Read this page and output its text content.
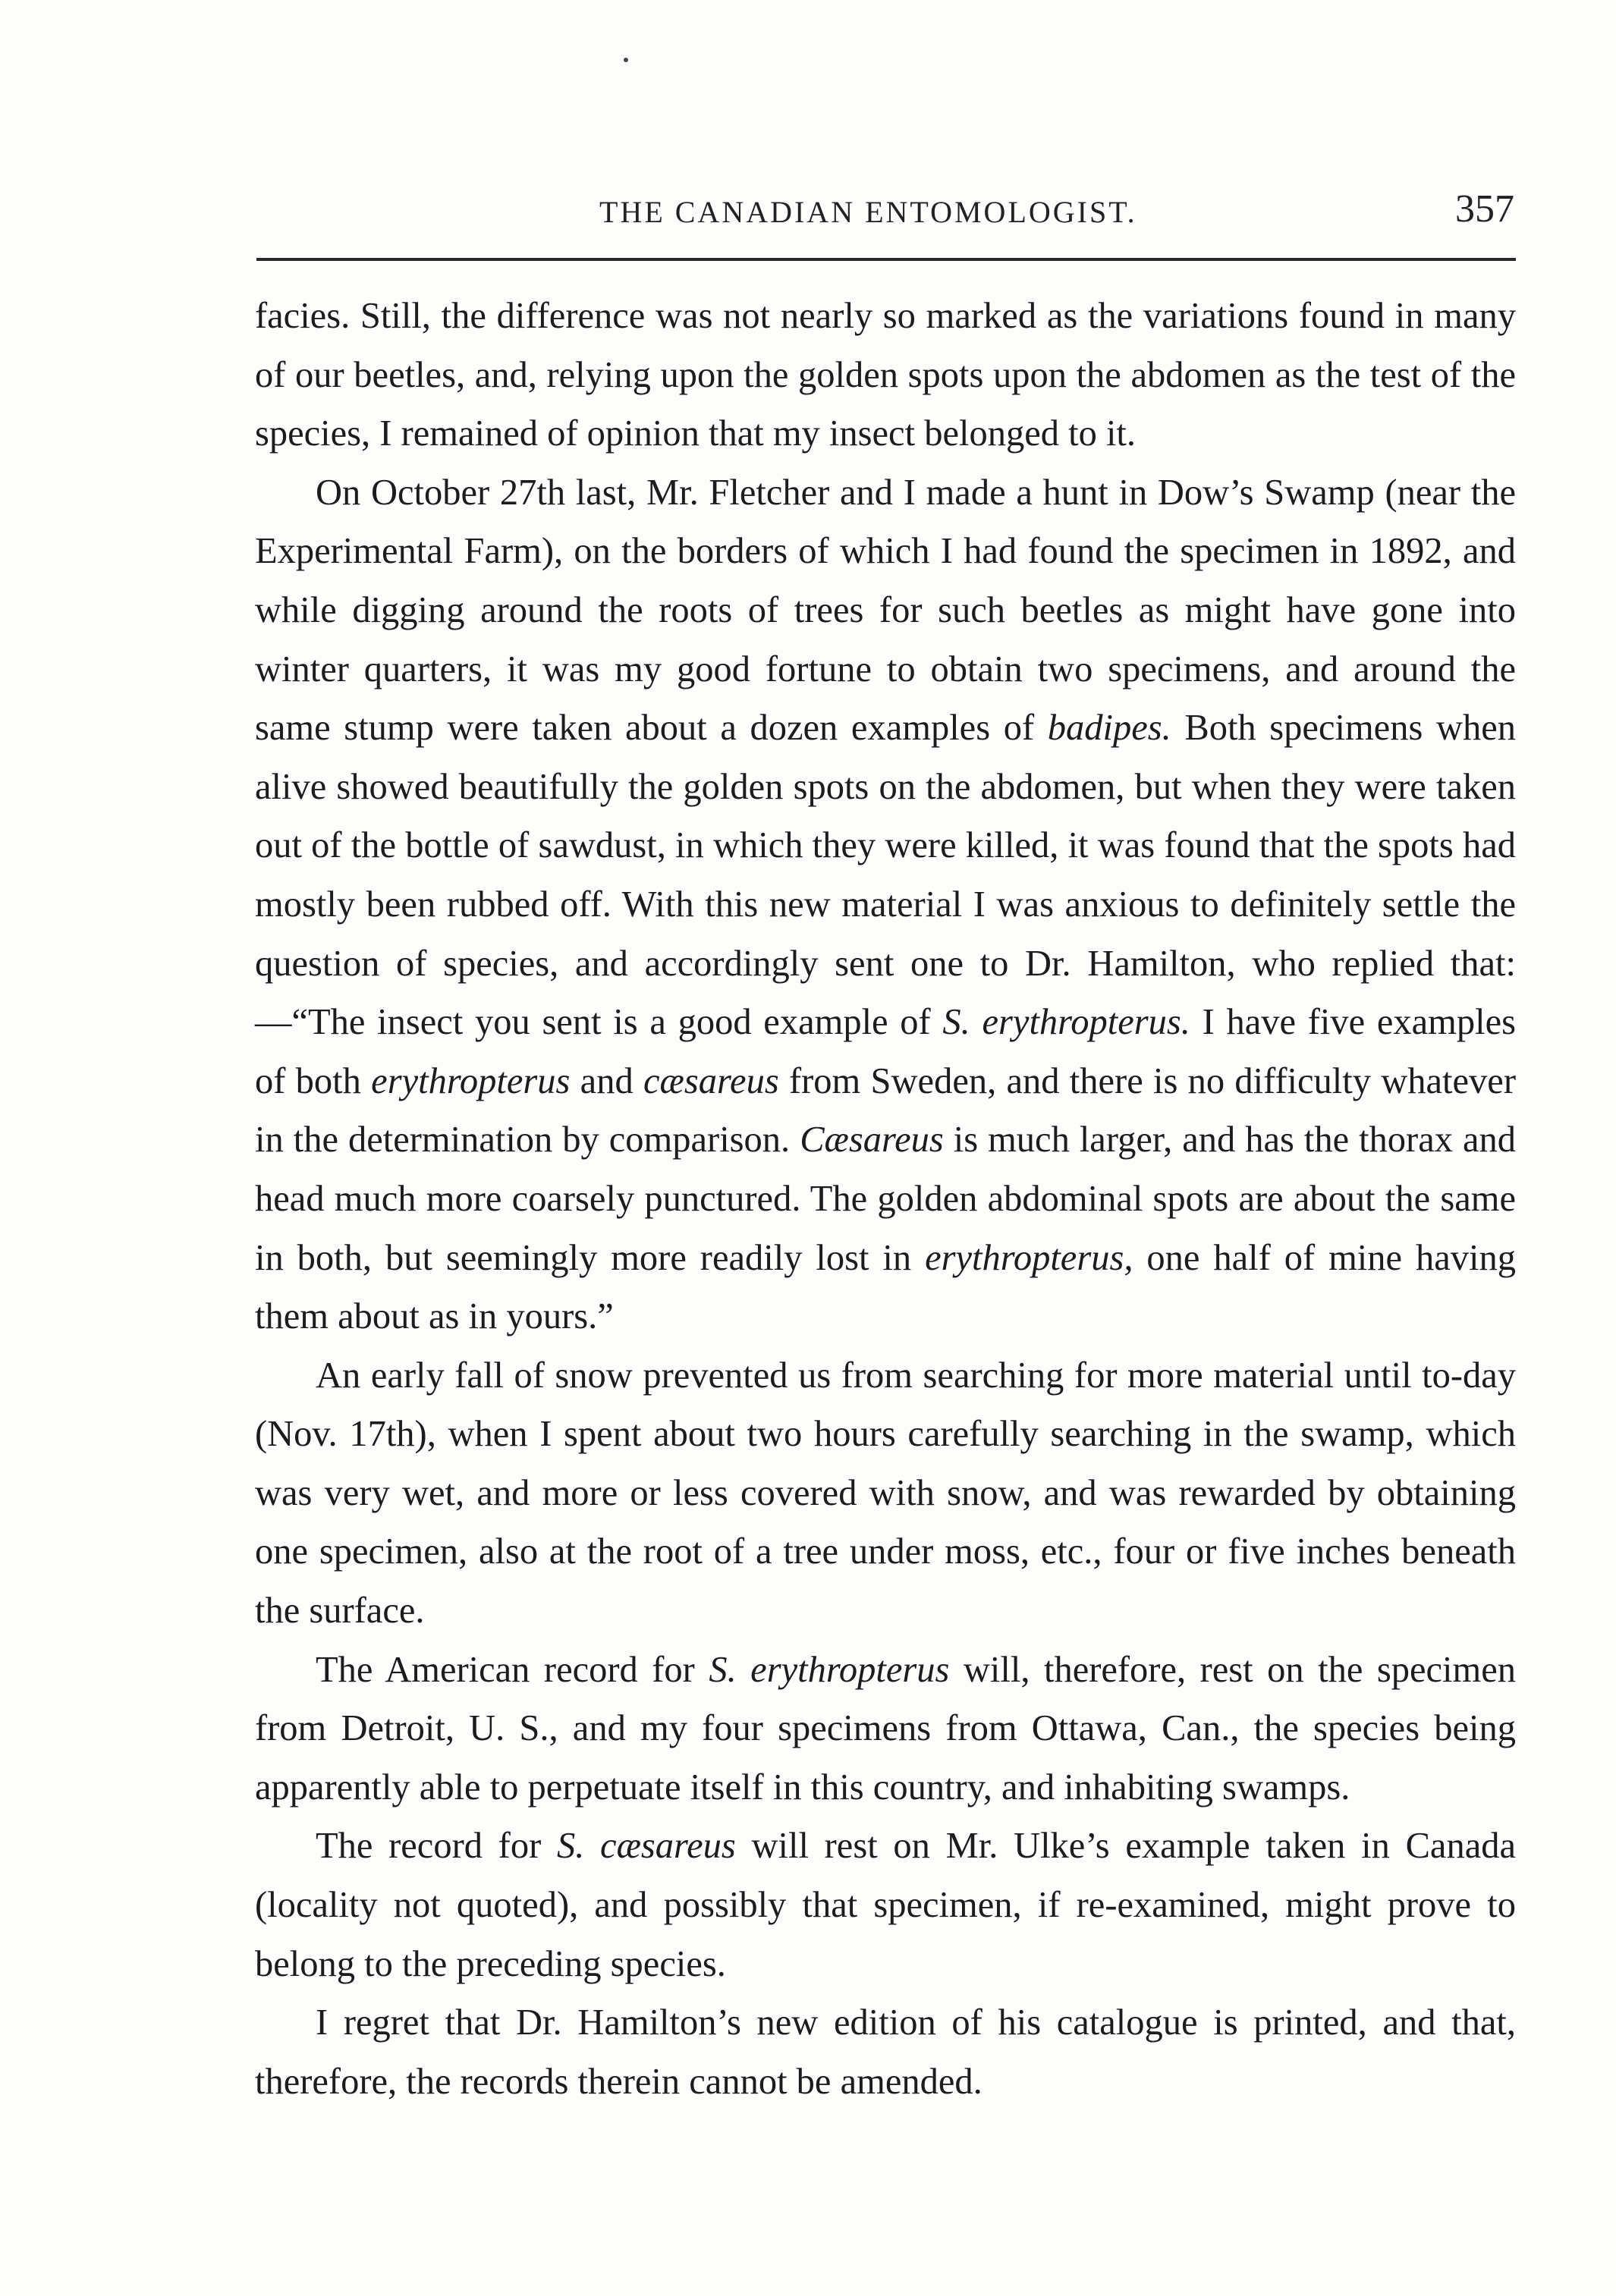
THE CANADIAN ENTOMOLOGIST.	357

facies. Still, the difference was not nearly so marked as the variations found in many of our beetles, and, relying upon the golden spots upon the abdomen as the test of the species, I remained of opinion that my insect belonged to it.

On October 27th last, Mr. Fletcher and I made a hunt in Dow’s Swamp (near the Experimental Farm), on the borders of which I had found the specimen in 1892, and while digging around the roots of trees for such beetles as might have gone into winter quarters, it was my good fortune to obtain two specimens, and around the same stump were taken about a dozen examples of badipes. Both specimens when alive showed beautifully the golden spots on the abdomen, but when they were taken out of the bottle of sawdust, in which they were killed, it was found that the spots had mostly been rubbed off. With this new material I was anxious to definitely settle the question of species, and accordingly sent one to Dr. Hamilton, who replied that:—“The insect you sent is a good example of S. erythropterus. I have five examples of both erythropterus and cæsareus from Sweden, and there is no difficulty whatever in the determination by comparison. Cæsareus is much larger, and has the thorax and head much more coarsely punctured. The golden abdominal spots are about the same in both, but seemingly more readily lost in erythropterus, one half of mine having them about as in yours.”

An early fall of snow prevented us from searching for more material until to-day (Nov. 17th), when I spent about two hours carefully searching in the swamp, which was very wet, and more or less covered with snow, and was rewarded by obtaining one specimen, also at the root of a tree under moss, etc., four or five inches beneath the surface.

The American record for S. erythropterus will, therefore, rest on the specimen from Detroit, U. S., and my four specimens from Ottawa, Can., the species being apparently able to perpetuate itself in this country, and inhabiting swamps.

The record for S. cæsareus will rest on Mr. Ulke’s example taken in Canada (locality not quoted), and possibly that specimen, if re-examined, might prove to belong to the preceding species.

I regret that Dr. Hamilton’s new edition of his catalogue is printed, and that, therefore, the records therein cannot be amended.
